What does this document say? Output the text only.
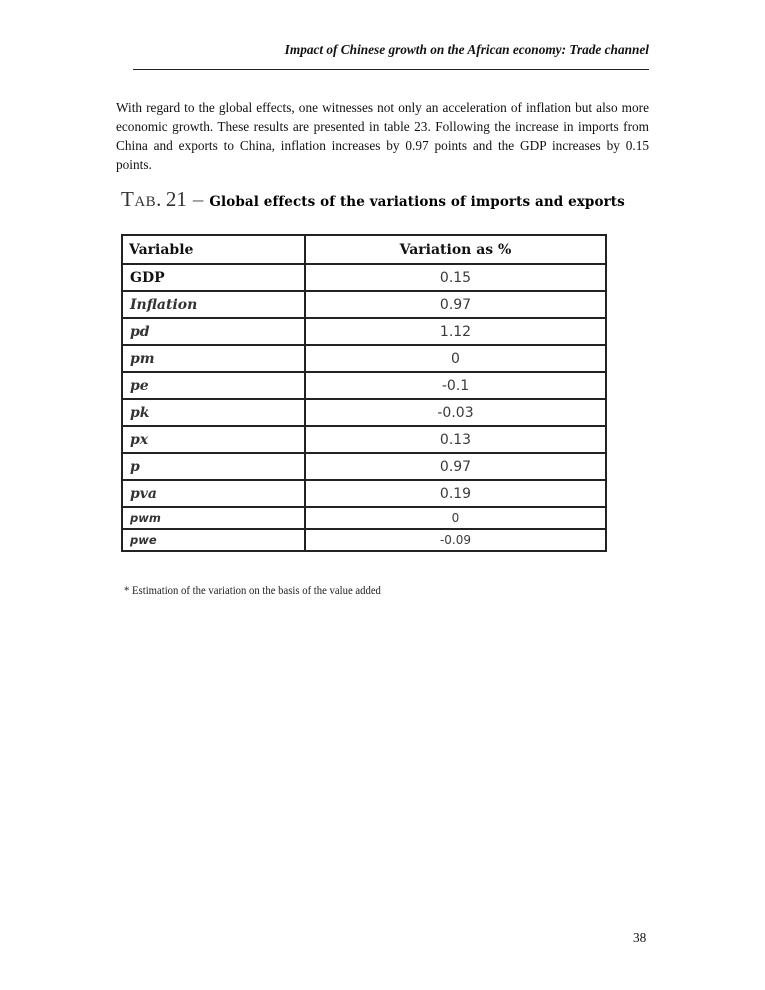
Impact of Chinese growth on the African economy: Trade channel

With regard to the global effects, one witnesses not only an acceleration of inflation but also more economic growth. These results are presented in table 23. Following the increase in imports from China and exports to China, inflation increases by 0.97 points and the GDP increases by 0.15 points.

Tab. 21 – Global effects of the variations of imports and exports
Variable	Variation as %
GDP	0.15
Inflation	0.97
pd	1.12
pm	0
pe	-0.1
pk	-0.03
px	0.13
p	0.97
pva	0.19
pwm	0
pwe	-0.09
* Estimation of the variation on the basis of the value added
38
